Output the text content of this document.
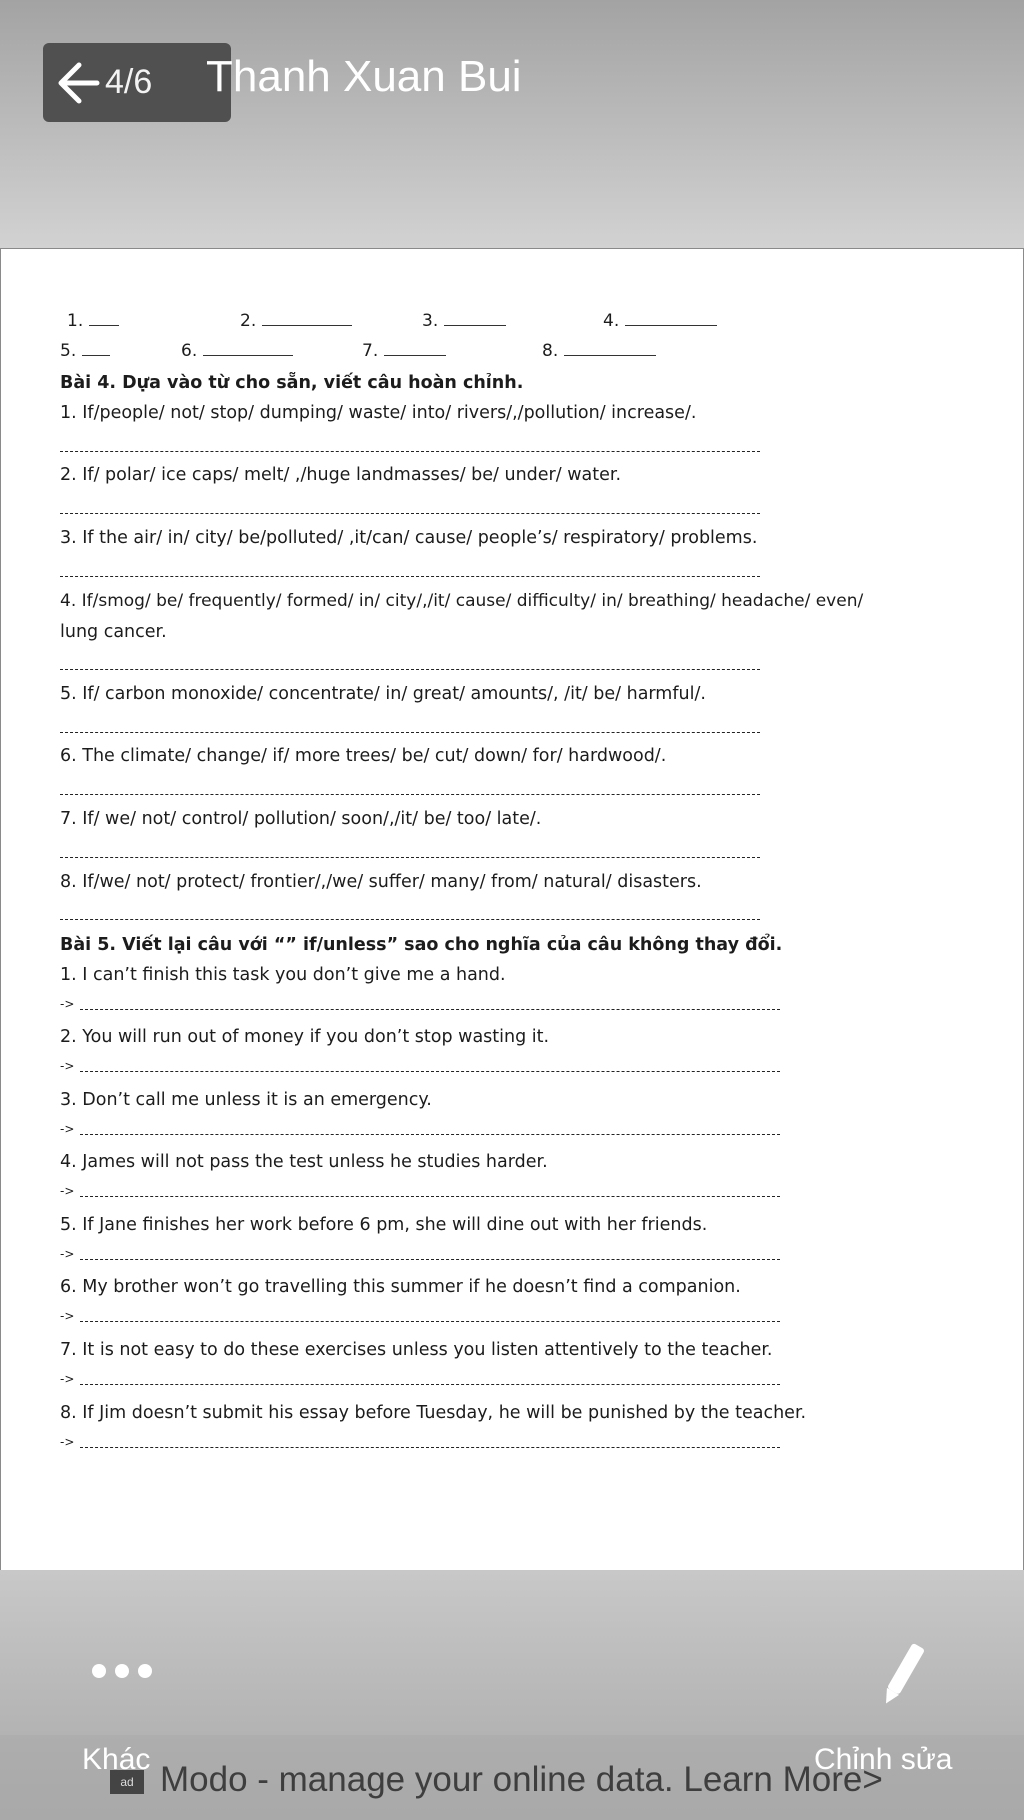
4/6 Thanh Xuan Bui
1.	2.	3.	4.
5.	6.	7.	8.
Bài 4. Dựa vào từ cho sẵn, viết câu hoàn chỉnh.
1. If/people/ not/ stop/ dumping/ waste/ into/ rivers/,/pollution/ increase/.
2. If/ polar/ ice caps/ melt/ ,/huge landmasses/ be/ under/ water.
3. If the air/ in/ city/ be/polluted/ ,it/can/ cause/ people’s/ respiratory/ problems.
4. If/smog/ be/ frequently/ formed/ in/ city/,/it/ cause/ difficulty/ in/ breathing/ headache/ even/
lung cancer.
5. If/ carbon monoxide/ concentrate/ in/ great/ amounts/, /it/ be/ harmful/.
6. The climate/ change/ if/ more trees/ be/ cut/ down/ for/ hardwood/.
7. If/ we/ not/ control/ pollution/ soon/,/it/ be/ too/ late/.
8. If/we/ not/ protect/ frontier/,/we/ suffer/ many/ from/ natural/ disasters.
Bài 5. Viết lại câu với “” if/unless” sao cho nghĩa của câu không thay đổi.
1. I can’t finish this task you don’t give me a hand.
->
2. You will run out of money if you don’t stop wasting it.
->
3. Don’t call me unless it is an emergency.
->
4. James will not pass the test unless he studies harder.
->
5. If Jane finishes her work before 6 pm, she will dine out with her friends.
->
6. My brother won’t go travelling this summer if he doesn’t find a companion.
->
7. It is not easy to do these exercises unless you listen attentively to the teacher.
->
8. If Jim doesn’t submit his essay before Tuesday, he will be punished by the teacher.
->
ad Modo - manage your online data. Learn More>
Khác	Chỉnh sửa
